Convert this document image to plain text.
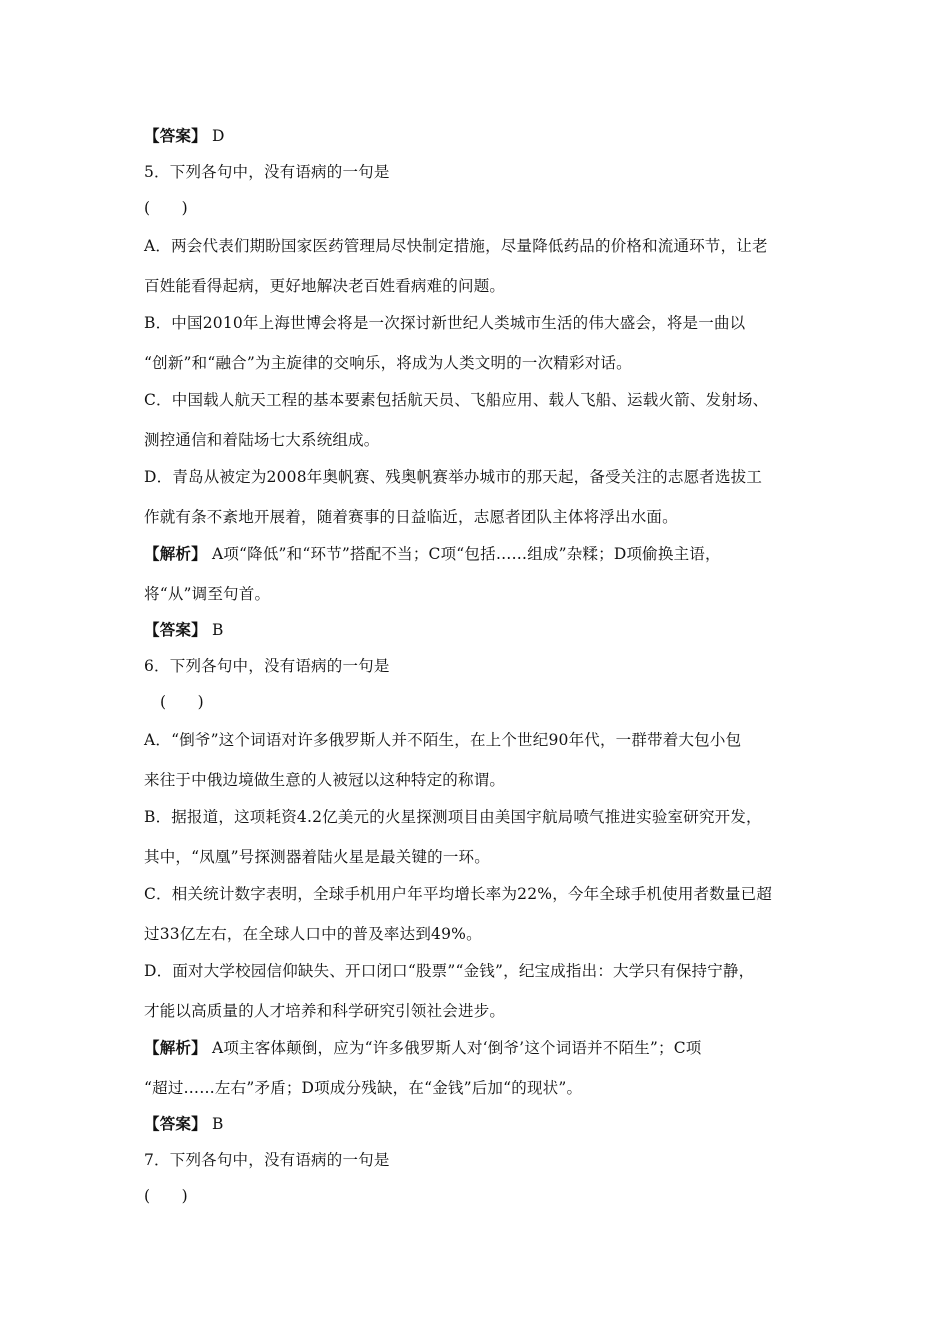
【答案】 D
5．下列各句中，没有语病的一句是
(　　)
A．两会代表们期盼国家医药管理局尽快制定措施，尽量降低药品的价格和流通环节，让老
百姓能看得起病，更好地解决老百姓看病难的问题。
B．中国2010年上海世博会将是一次探讨新世纪人类城市生活的伟大盛会，将是一曲以
“创新”和“融合”为主旋律的交响乐，将成为人类文明的一次精彩对话。
C．中国载人航天工程的基本要素包括航天员、飞船应用、载人飞船、运载火箭、发射场、
测控通信和着陆场七大系统组成。
D．青岛从被定为2008年奥帆赛、残奥帆赛举办城市的那天起，备受关注的志愿者选拔工
作就有条不紊地开展着，随着赛事的日益临近，志愿者团队主体将浮出水面。
【解析】 A项“降低”和“环节”搭配不当；C项“包括……组成”杂糅；D项偷换主语，
将“从”调至句首。
【答案】 B
6．下列各句中，没有语病的一句是
(　　)
A．“倒爷”这个词语对许多俄罗斯人并不陌生，在上个世纪90年代，一群带着大包小包
来往于中俄边境做生意的人被冠以这种特定的称谓。
B．据报道，这项耗资4.2亿美元的火星探测项目由美国宇航局喷气推进实验室研究开发，
其中，“凤凰”号探测器着陆火星是最关键的一环。
C．相关统计数字表明，全球手机用户年平均增长率为22%，今年全球手机使用者数量已超
过33亿左右，在全球人口中的普及率达到49%。
D．面对大学校园信仰缺失、开口闭口“股票”“金钱”，纪宝成指出：大学只有保持宁静，
才能以高质量的人才培养和科学研究引领社会进步。
【解析】 A项主客体颠倒，应为“许多俄罗斯人对‘倒爷’这个词语并不陌生”；C项
“超过……左右”矛盾；D项成分残缺，在“金钱”后加“的现状”。
【答案】 B
7．下列各句中，没有语病的一句是
(　　)
